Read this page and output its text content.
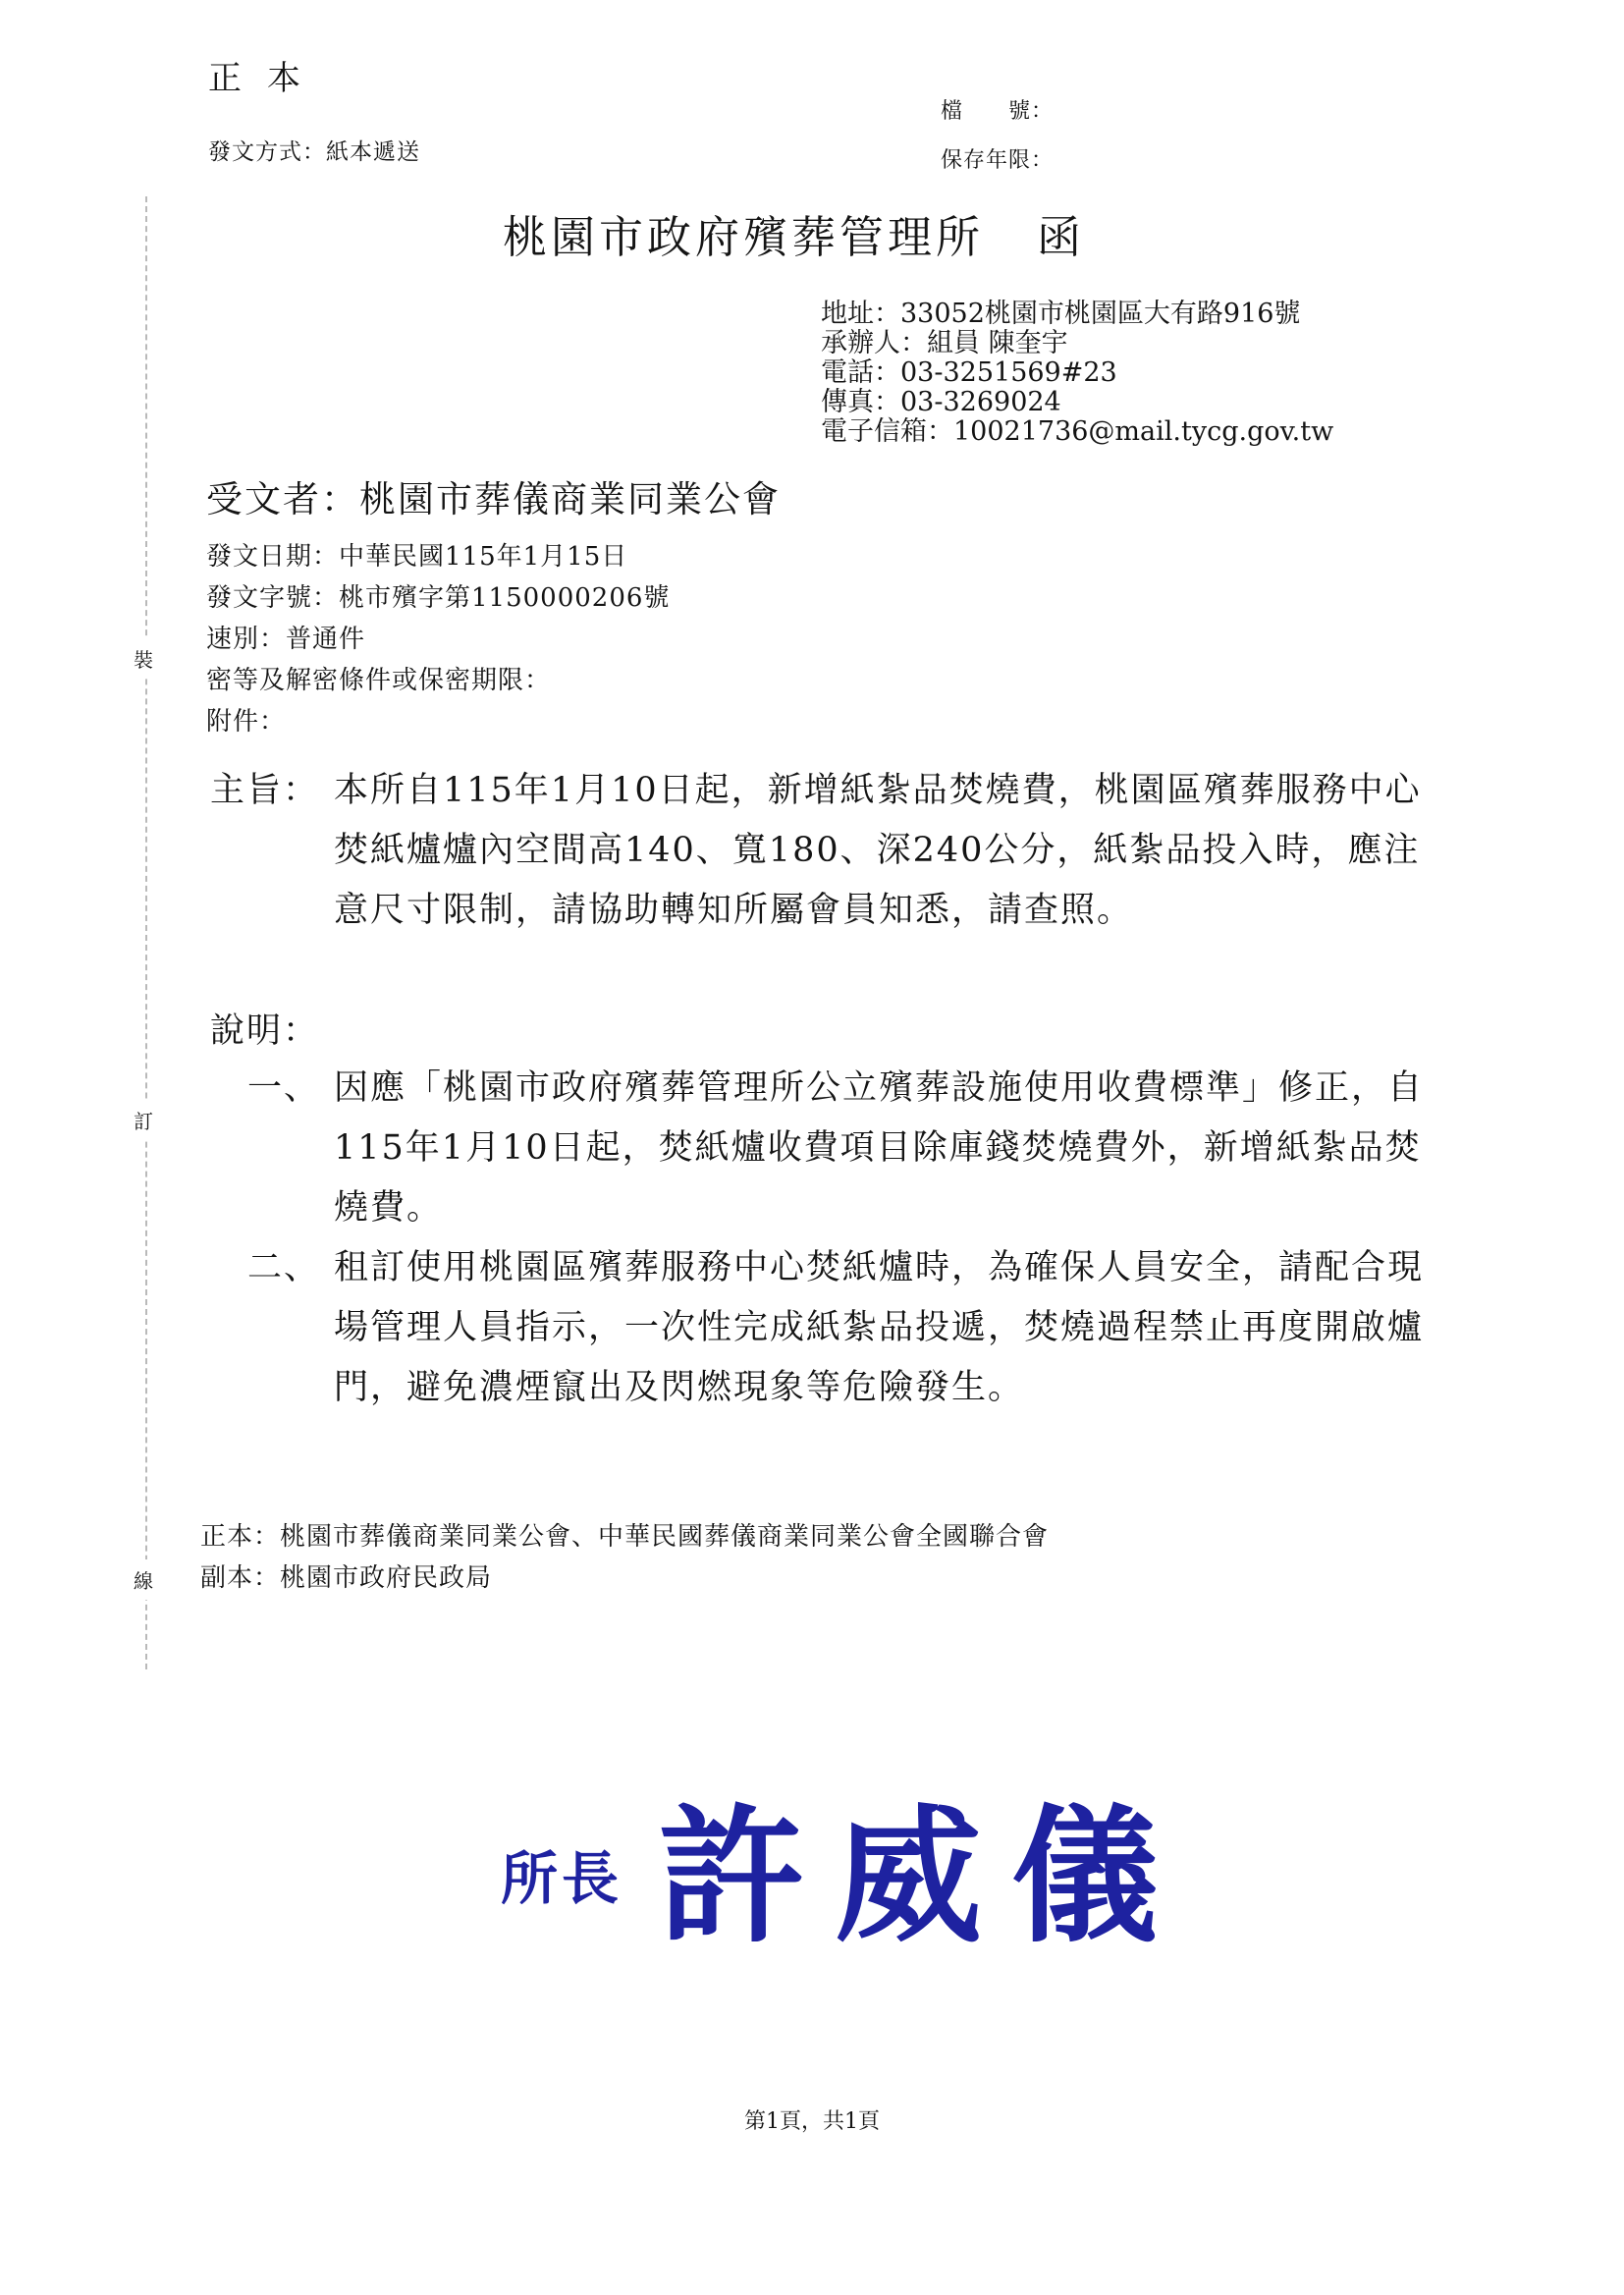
正本
發文方式：紙本遞送
檔　　號：
保存年限：
裝
訂
線
桃園市政府殯葬管理所 函
地址：33052桃園市桃園區大有路916號
承辦人：組員 陳奎宇
電話：03-3251569#23
傳真：03-3269024
電子信箱：10021736@mail.tycg.gov.tw
受文者：桃園市葬儀商業同業公會
發文日期：中華民國115年1月15日
發文字號：桃市殯字第1150000206號
速別：普通件
密等及解密條件或保密期限：
附件：
主旨： 本所自115年1月10日起，新增紙紮品焚燒費，桃園區殯葬服務中心焚紙爐爐內空間高140、寬180、深240公分，紙紮品投入時，應注意尺寸限制，請協助轉知所屬會員知悉，請查照。
說明：
一、 因應「桃園市政府殯葬管理所公立殯葬設施使用收費標準」修正，自115年1月10日起，焚紙爐收費項目除庫錢焚燒費外，新增紙紮品焚燒費。
二、 租訂使用桃園區殯葬服務中心焚紙爐時，為確保人員安全，請配合現場管理人員指示，一次性完成紙紮品投遞，焚燒過程禁止再度開啟爐門，避免濃煙竄出及閃燃現象等危險發生。
正本：桃園市葬儀商業同業公會、中華民國葬儀商業同業公會全國聯合會
副本：桃園市政府民政局
所長 許威儀
第1頁，共1頁
